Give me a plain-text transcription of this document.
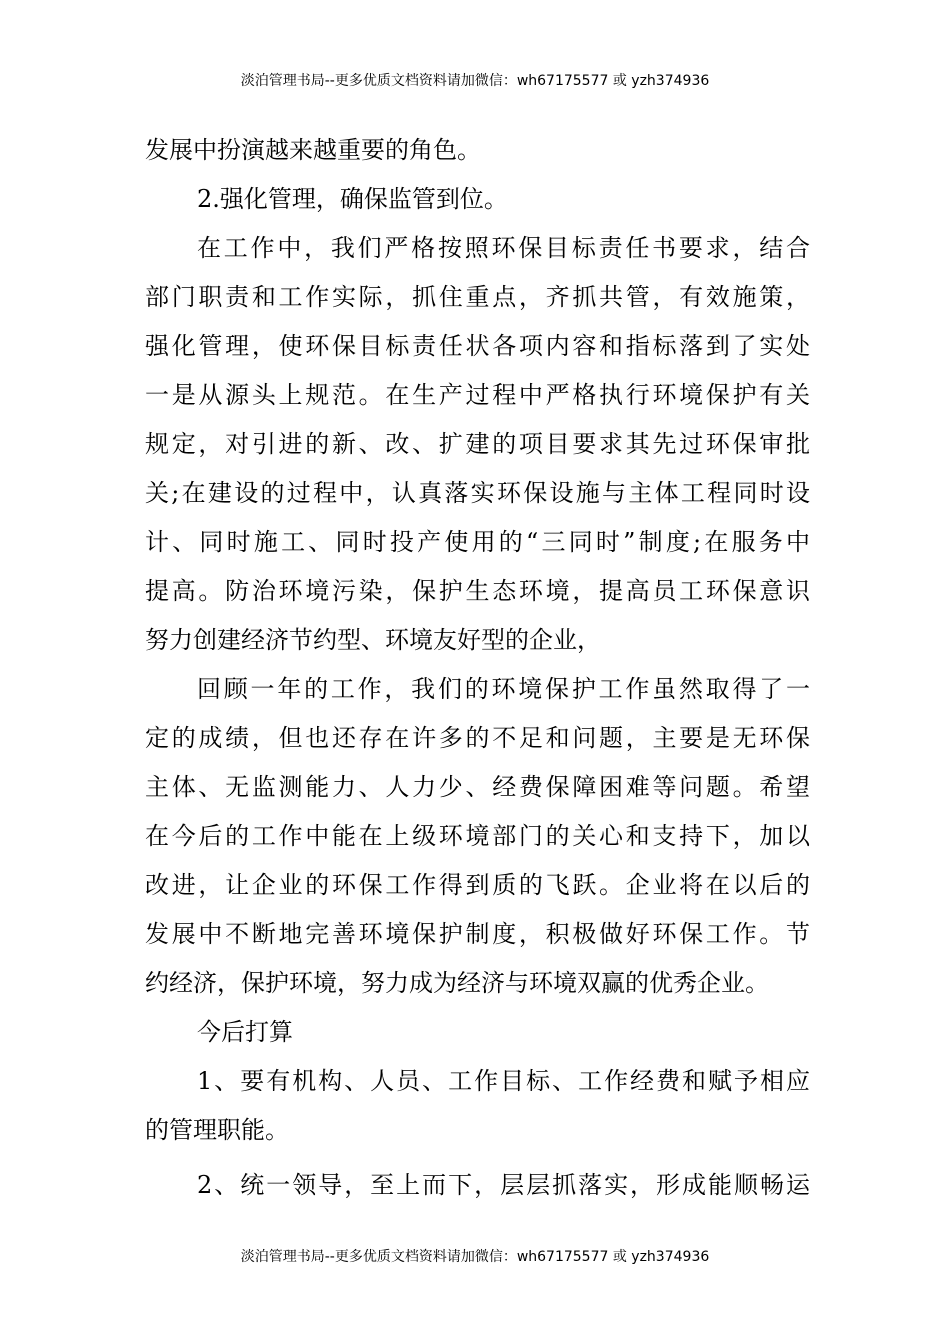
淡泊管理书局--更多优质文档资料请加微信：wh67175577 或 yzh374936
发展中扮演越来越重要的角色。
2.强化管理，确保监管到位。
在工作中，我们严格按照环保目标责任书要求，结合
部门职责和工作实际，抓住重点，齐抓共管，有效施策，
强化管理，使环保目标责任状各项内容和指标落到了实处
一是从源头上规范。在生产过程中严格执行环境保护有关
规定，对引进的新、改、扩建的项目要求其先过环保审批
关;在建设的过程中，认真落实环保设施与主体工程同时设
计、同时施工、同时投产使用的“三同时”制度;在服务中
提高。防治环境污染，保护生态环境，提高员工环保意识
努力创建经济节约型、环境友好型的企业，
回顾一年的工作，我们的环境保护工作虽然取得了一
定的成绩，但也还存在许多的不足和问题，主要是无环保
主体、无监测能力、人力少、经费保障困难等问题。希望
在今后的工作中能在上级环境部门的关心和支持下，加以
改进，让企业的环保工作得到质的飞跃。企业将在以后的
发展中不断地完善环境保护制度，积极做好环保工作。节
约经济，保护环境，努力成为经济与环境双赢的优秀企业。
今后打算
1、要有机构、人员、工作目标、工作经费和赋予相应
的管理职能。
2、统一领导，至上而下，层层抓落实，形成能顺畅运
淡泊管理书局--更多优质文档资料请加微信：wh67175577 或 yzh374936
